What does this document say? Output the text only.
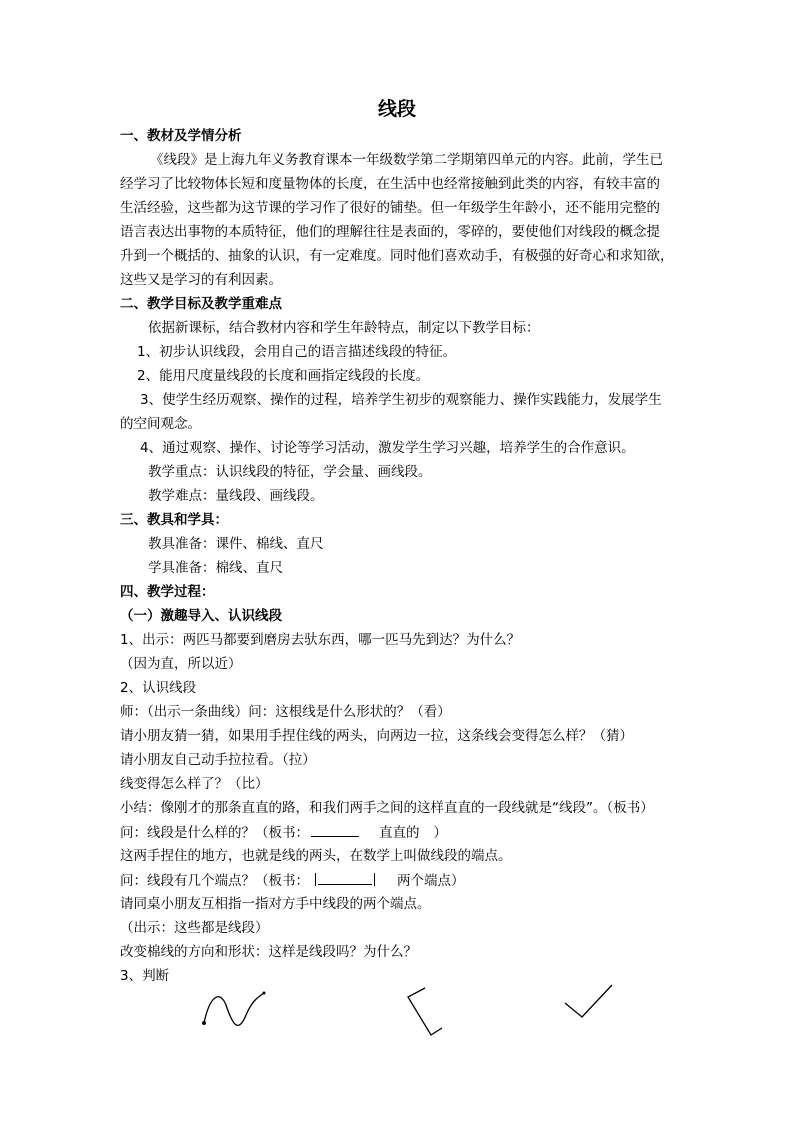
线段
一、教材及学情分析
《线段》是上海九年义务教育课本一年级数学第二学期第四单元的内容。此前，学生已
经学习了比较物体长短和度量物体的长度，在生活中也经常接触到此类的内容，有较丰富的
生活经验，这些都为这节课的学习作了很好的铺垫。但一年级学生年龄小，还不能用完整的
语言表达出事物的本质特征，他们的理解往往是表面的，零碎的，要使他们对线段的概念提
升到一个概括的、抽象的认识，有一定难度。同时他们喜欢动手，有极强的好奇心和求知欲，
这些又是学习的有利因素。
二、教学目标及教学重难点
依据新课标，结合教材内容和学生年龄特点，制定以下教学目标：
1、初步认识线段，会用自己的语言描述线段的特征。
2、能用尺度量线段的长度和画指定线段的长度。
3、使学生经历观察、操作的过程，培养学生初步的观察能力、操作实践能力，发展学生
的空间观念。
4、通过观察、操作、讨论等学习活动，激发学生学习兴趣，培养学生的合作意识。
教学重点：认识线段的特征，学会量、画线段。
教学难点：量线段、画线段。
三、教具和学具：
教具准备：课件、棉线、直尺
学具准备：棉线、直尺
四、教学过程：
（一）激趣导入、认识线段
1、出示：两匹马都要到磨房去驮东西，哪一匹马先到达？为什么？
（因为直，所以近）
2、认识线段
师：（出示一条曲线）问：这根线是什么形状的？（看）
请小朋友猜一猜，如果用手捏住线的两头，向两边一拉，这条线会变得怎么样？（猜）
请小朋友自己动手拉拉看。（拉）
线变得怎么样了？（比）
小结：像刚才的那条直直的路，和我们两手之间的这样直直的一段线就是“线段”。（板书）
问：线段是什么样的？（板书：	直直的 ）
这两手捏住的地方，也就是线的两头，在数学上叫做线段的端点。
问：线段有几个端点？（板书：	两个端点）
请同桌小朋友互相指一指对方手中线段的两个端点。
（出示：这些都是线段）
改变棉线的方向和形状：这样是线段吗？为什么？
3、判断
